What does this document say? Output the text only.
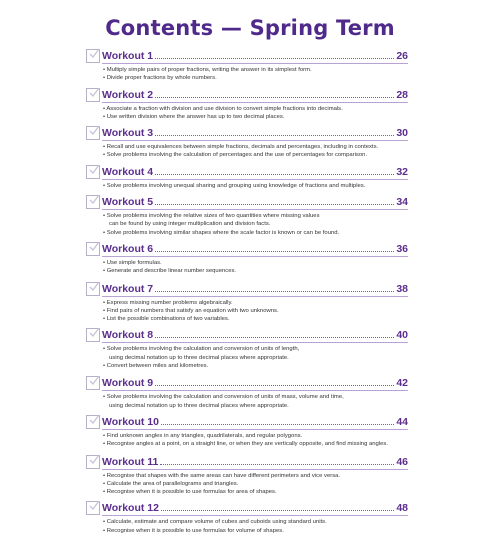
Contents — Spring Term
Workout 1	26
• Multiply simple pairs of proper fractions, writing the answer in its simplest form.
• Divide proper fractions by whole numbers.
Workout 2	28
• Associate a fraction with division and use division to convert simple fractions into decimals.
• Use written division where the answer has up to two decimal places.
Workout 3	30
• Recall and use equivalences between simple fractions, decimals and percentages, including in contexts.
• Solve problems involving the calculation of percentages and the use of percentages for comparison.
Workout 4	32
• Solve problems involving unequal sharing and grouping using knowledge of fractions and multiples.
Workout 5	34
• Solve problems involving the relative sizes of two quantities where missing values
can be found by using integer multiplication and division facts.
• Solve problems involving similar shapes where the scale factor is known or can be found.
Workout 6	36
• Use simple formulas.
• Generate and describe linear number sequences.
Workout 7	38
• Express missing number problems algebraically.
• Find pairs of numbers that satisfy an equation with two unknowns.
• List the possible combinations of two variables.
Workout 8	40
• Solve problems involving the calculation and conversion of units of length,
using decimal notation up to three decimal places where appropriate.
• Convert between miles and kilometres.
Workout 9	42
• Solve problems involving the calculation and conversion of units of mass, volume and time,
using decimal notation up to three decimal places where appropriate.
Workout 10	44
• Find unknown angles in any triangles, quadrilaterals, and regular polygons.
• Recognise angles at a point, on a straight line, or when they are vertically opposite, and find missing angles.
Workout 11	46
• Recognise that shapes with the same areas can have different perimeters and vice versa.
• Calculate the area of parallelograms and triangles.
• Recognise when it is possible to use formulas for area of shapes.
Workout 12	48
• Calculate, estimate and compare volume of cubes and cuboids using standard units.
• Recognise when it is possible to use formulas for volume of shapes.
